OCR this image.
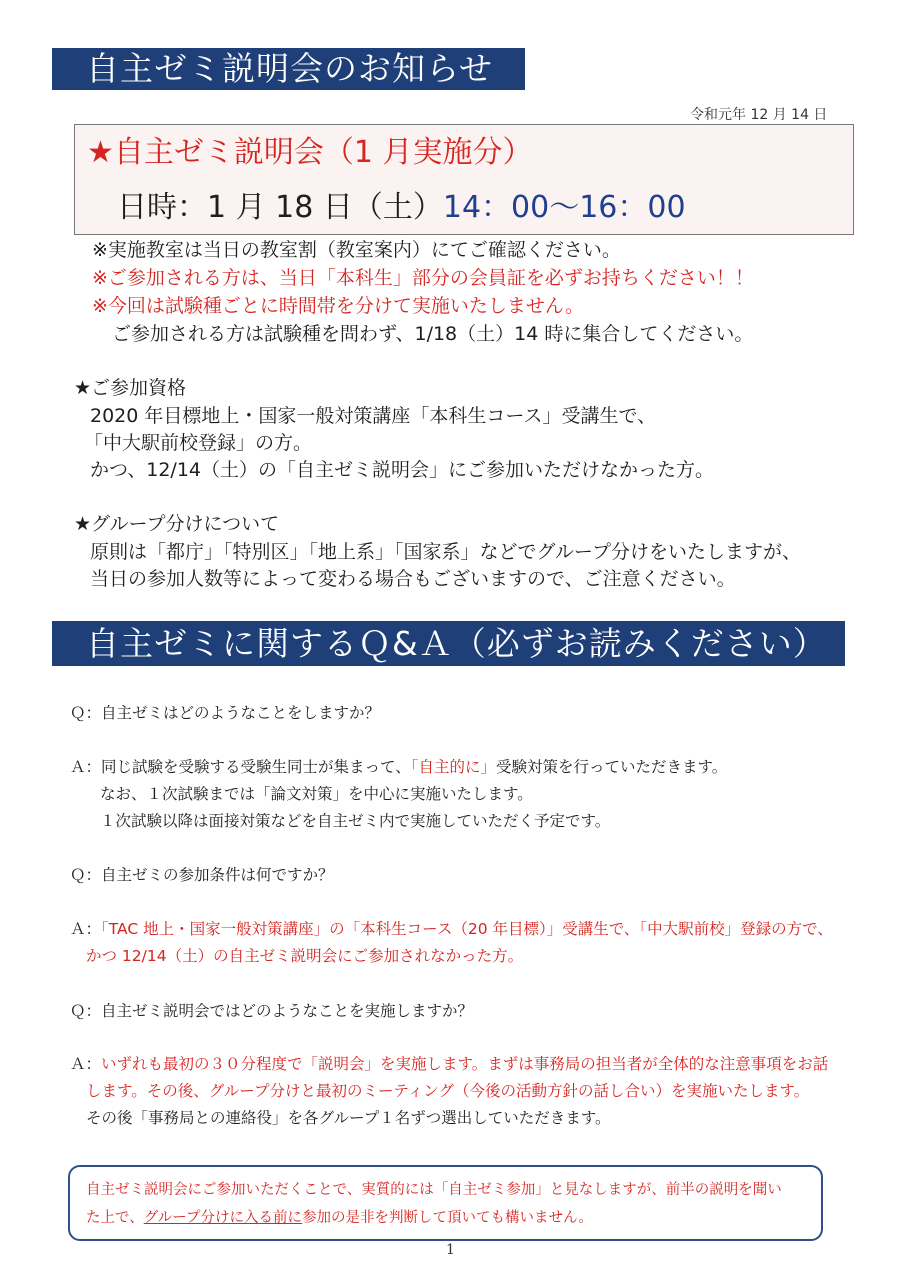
自主ゼミ説明会のお知らせ
令和元年 12 月 14 日
★自主ゼミ説明会（1 月実施分）
日時：1 月 18 日（土）14：00～16：00
※実施教室は当日の教室割（教室案内）にてご確認ください。
※ご参加される方は、当日「本科生」部分の会員証を必ずお持ちください！！
※今回は試験種ごとに時間帯を分けて実施いたしません。
ご参加される方は試験種を問わず、1/18（土）14 時に集合してください。
★ご参加資格
2020 年目標地上・国家一般対策講座「本科生コース」受講生で、
「中大駅前校登録」の方。
かつ、12/14（土）の「自主ゼミ説明会」にご参加いただけなかった方。
★グループ分けについて
原則は「都庁」「特別区」「地上系」「国家系」などでグループ分けをいたしますが、
当日の参加人数等によって変わる場合もございますので、ご注意ください。
自主ゼミに関するＱ&Ａ（必ずお読みください）
Ｑ：自主ゼミはどのようなことをしますか？
Ａ：同じ試験を受験する受験生同士が集まって、「自主的に」受験対策を行っていただきます。
なお、１次試験までは「論文対策」を中心に実施いたします。
１次試験以降は面接対策などを自主ゼミ内で実施していただく予定です。
Ｑ：自主ゼミの参加条件は何ですか？
Ａ：「TAC 地上・国家一般対策講座」の「本科生コース（20 年目標）」受講生で、「中大駅前校」登録の方で、
かつ 12/14（土）の自主ゼミ説明会にご参加されなかった方。
Ｑ：自主ゼミ説明会ではどのようなことを実施しますか？
Ａ：いずれも最初の３０分程度で「説明会」を実施します。まずは事務局の担当者が全体的な注意事項をお話
します。その後、グループ分けと最初のミーティング（今後の活動方針の話し合い）を実施いたします。
その後「事務局との連絡役」を各グループ１名ずつ選出していただきます。
自主ゼミ説明会にご参加いただくことで、実質的には「自主ゼミ参加」と見なしますが、前半の説明を聞い
た上で、グループ分けに入る前に参加の是非を判断して頂いても構いません。
1
